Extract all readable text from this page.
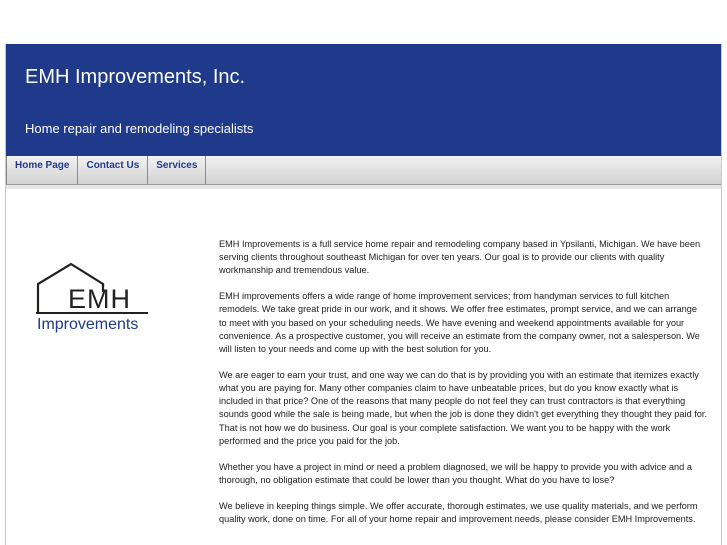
EMH Improvements, Inc.
Home repair and remodeling specialists
Home Page	Contact Us	Services
EMH
Improvements

EMH Improvements is a full service home repair and remodeling company based in Ypsilanti, Michigan. We have been serving clients throughout southeast Michigan for over ten years. Our goal is to provide our clients with quality workmanship and tremendous value.

EMH improvements offers a wide range of home improvement services; from handyman services to full kitchen remodels. We take great pride in our work, and it shows. We offer free estimates, prompt service, and we can arrange to meet with you based on your scheduling needs. We have evening and weekend appointments available for your convenience. As a prospective customer, you will receive an estimate from the company owner, not a salesperson. We will listen to your needs and come up with the best solution for you.

We are eager to earn your trust, and one way we can do that is by providing you with an estimate that itemizes exactly what you are paying for. Many other companies claim to have unbeatable prices, but do you know exactly what is included in that price? One of the reasons that many people do not feel they can trust contractors is that everything sounds good while the sale is being made, but when the job is done they didn't get everything they thought they paid for. That is not how we do business. Our goal is your complete satisfaction. We want you to be happy with the work performed and the price you paid for the job.

Whether you have a project in mind or need a problem diagnosed, we will be happy to provide you with advice and a thorough, no obligation estimate that could be lower than you thought. What do you have to lose?

We believe in keeping things simple. We offer accurate, thorough estimates, we use quality materials, and we perform quality work, done on time. For all of your home repair and improvement needs, please consider EMH Improvements.
